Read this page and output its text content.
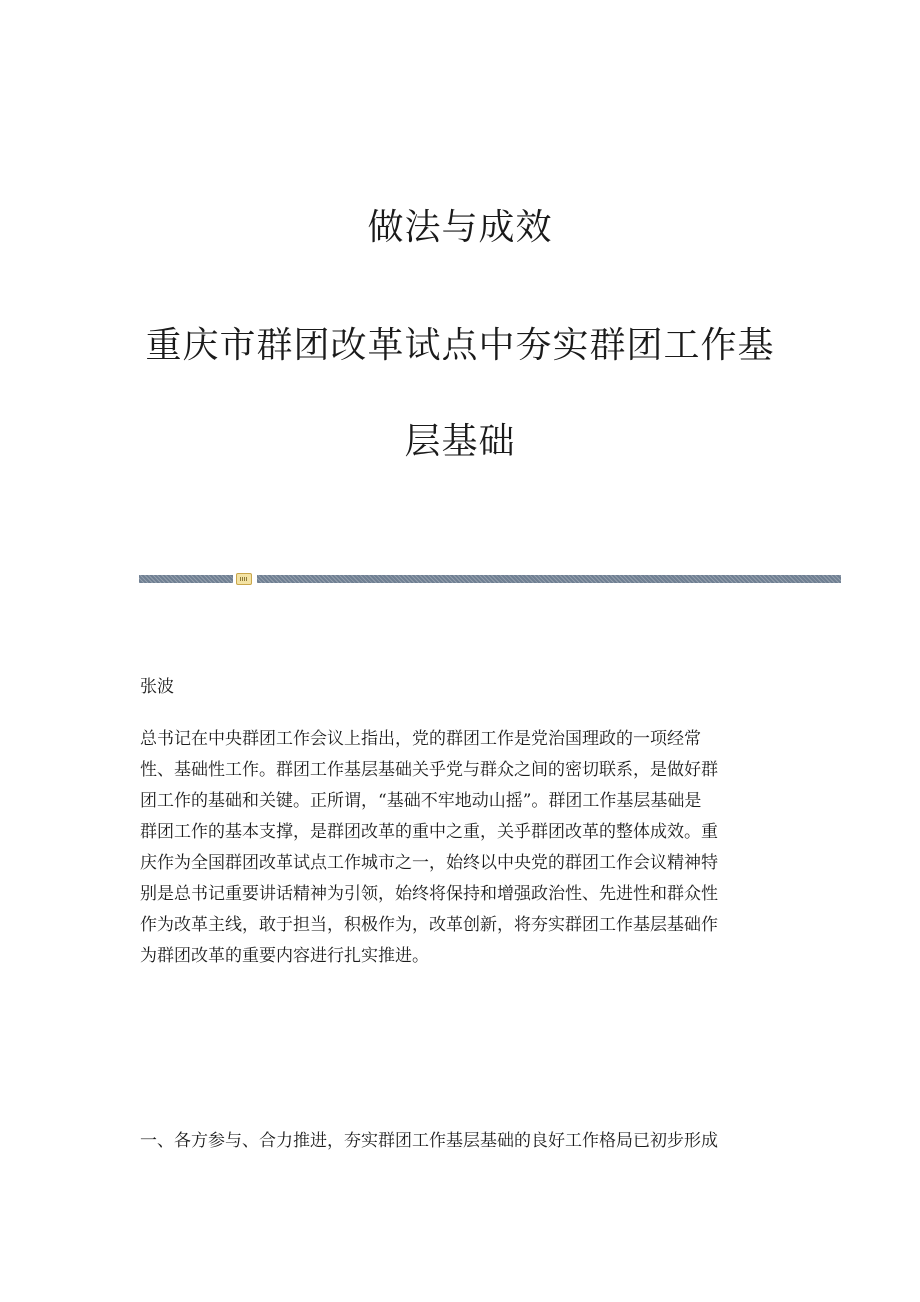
做法与成效
重庆市群团改革试点中夯实群团工作基
层基础

张波

总书记在中央群团工作会议上指出，党的群团工作是党治国理政的一项经常

性、基础性工作。群团工作基层基础关乎党与群众之间的密切联系，是做好群

团工作的基础和关键。正所谓，“基础不牢地动山摇”。群团工作基层基础是

群团工作的基本支撑，是群团改革的重中之重，关乎群团改革的整体成效。重

庆作为全国群团改革试点工作城市之一，始终以中央党的群团工作会议精神特

别是总书记重要讲话精神为引领，始终将保持和增强政治性、先进性和群众性

作为改革主线，敢于担当，积极作为，改革创新，将夯实群团工作基层基础作

为群团改革的重要内容进行扎实推进。

一、各方参与、合力推进，夯实群团工作基层基础的良好工作格局已初步形成
